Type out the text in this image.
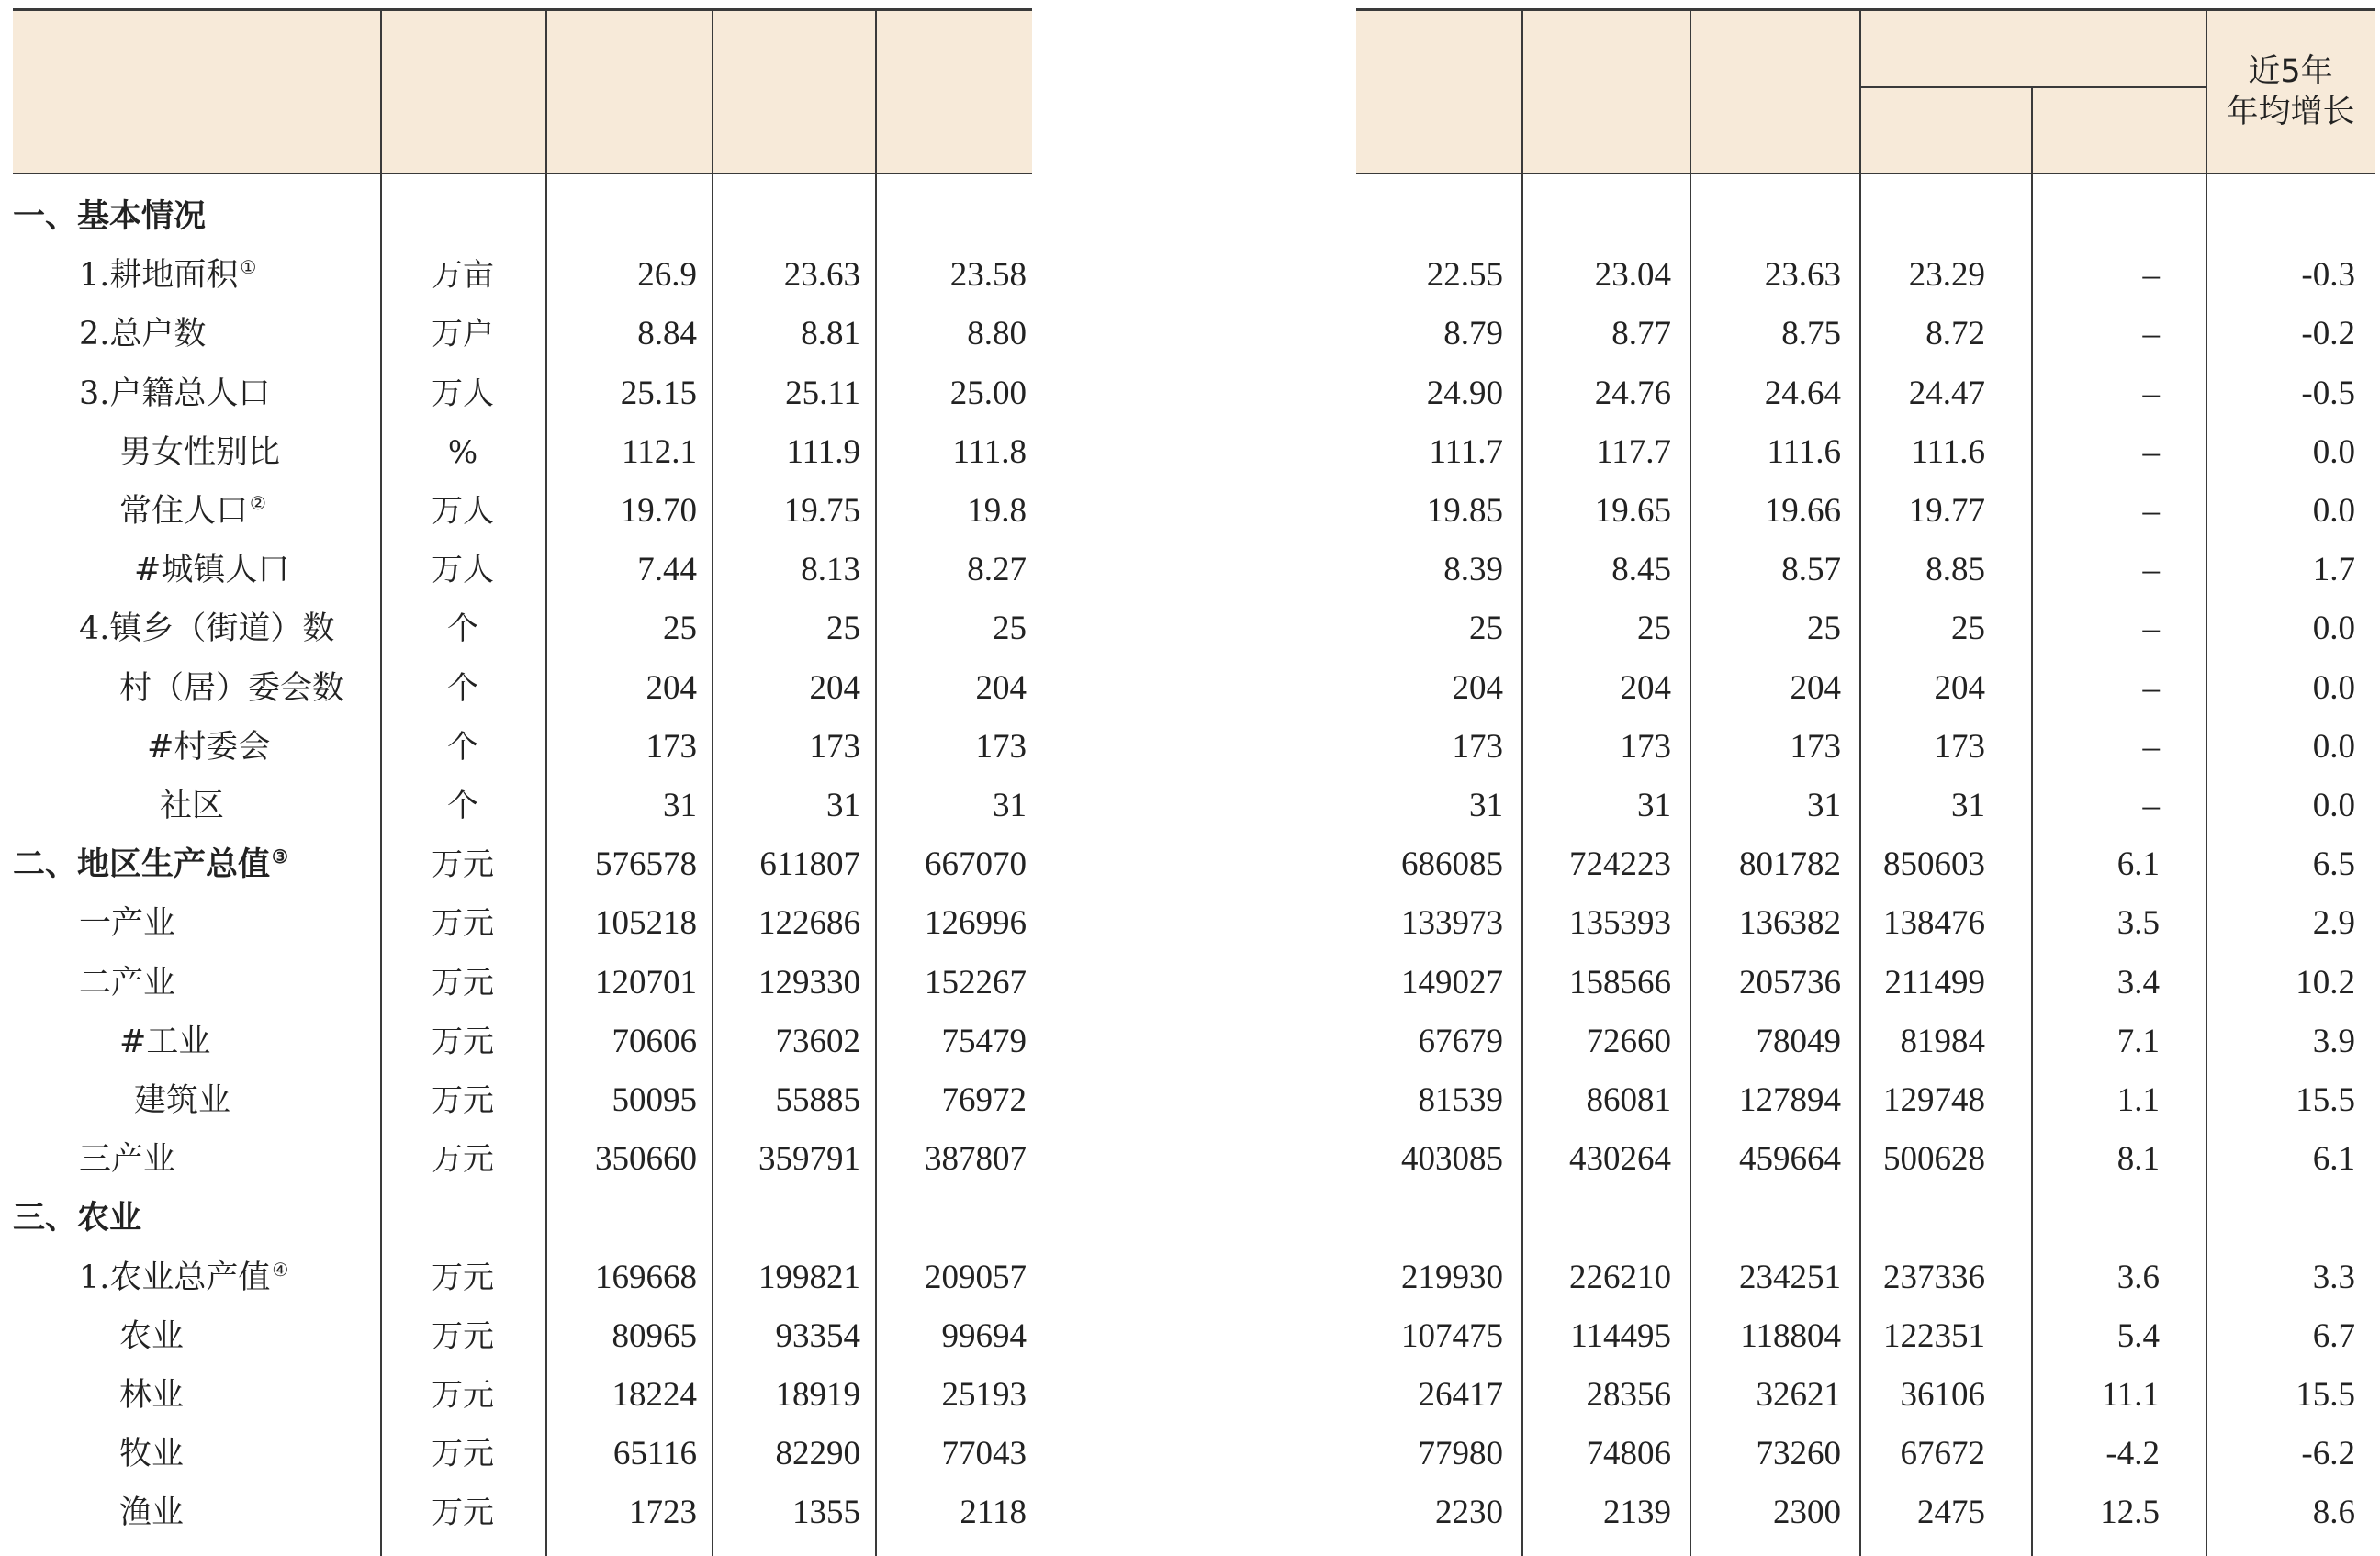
近5年
年均增长
一、基本情况
1.耕地面积 ①	万亩	26.9	23.63	23.58	22.55	23.04	23.63	23.29	–	-0.3
2.总户数	万户	8.84	8.81	8.80	8.79	8.77	8.75	8.72	–	-0.2
3.户籍总人口	万人	25.15	25.11	25.00	24.90	24.76	24.64	24.47	–	-0.5
男女性别比	%	112.1	111.9	111.8	111.7	117.7	111.6	111.6	–	0.0
常住人口 ②	万人	19.70	19.75	19.8	19.85	19.65	19.66	19.77	–	0.0
#城镇人口	万人	7.44	8.13	8.27	8.39	8.45	8.57	8.85	–	1.7
4.镇乡（街道）数	个	25	25	25	25	25	25	25	–	0.0
村（居）委会数	个	204	204	204	204	204	204	204	–	0.0
#村委会	个	173	173	173	173	173	173	173	–	0.0
社区	个	31	31	31	31	31	31	31	–	0.0
二、地区生产总值 ③	万元	576578	611807	667070	686085	724223	801782	850603	6.1	6.5
一产业	万元	105218	122686	126996	133973	135393	136382	138476	3.5	2.9
二产业	万元	120701	129330	152267	149027	158566	205736	211499	3.4	10.2
#工业	万元	70606	73602	75479	67679	72660	78049	81984	7.1	3.9
建筑业	万元	50095	55885	76972	81539	86081	127894	129748	1.1	15.5
三产业	万元	350660	359791	387807	403085	430264	459664	500628	8.1	6.1
三、农业
1.农业总产值 ④	万元	169668	199821	209057	219930	226210	234251	237336	3.6	3.3
农业	万元	80965	93354	99694	107475	114495	118804	122351	5.4	6.7
林业	万元	18224	18919	25193	26417	28356	32621	36106	11.1	15.5
牧业	万元	65116	82290	77043	77980	74806	73260	67672	-4.2	-6.2
渔业	万元	1723	1355	2118	2230	2139	2300	2475	12.5	8.6
